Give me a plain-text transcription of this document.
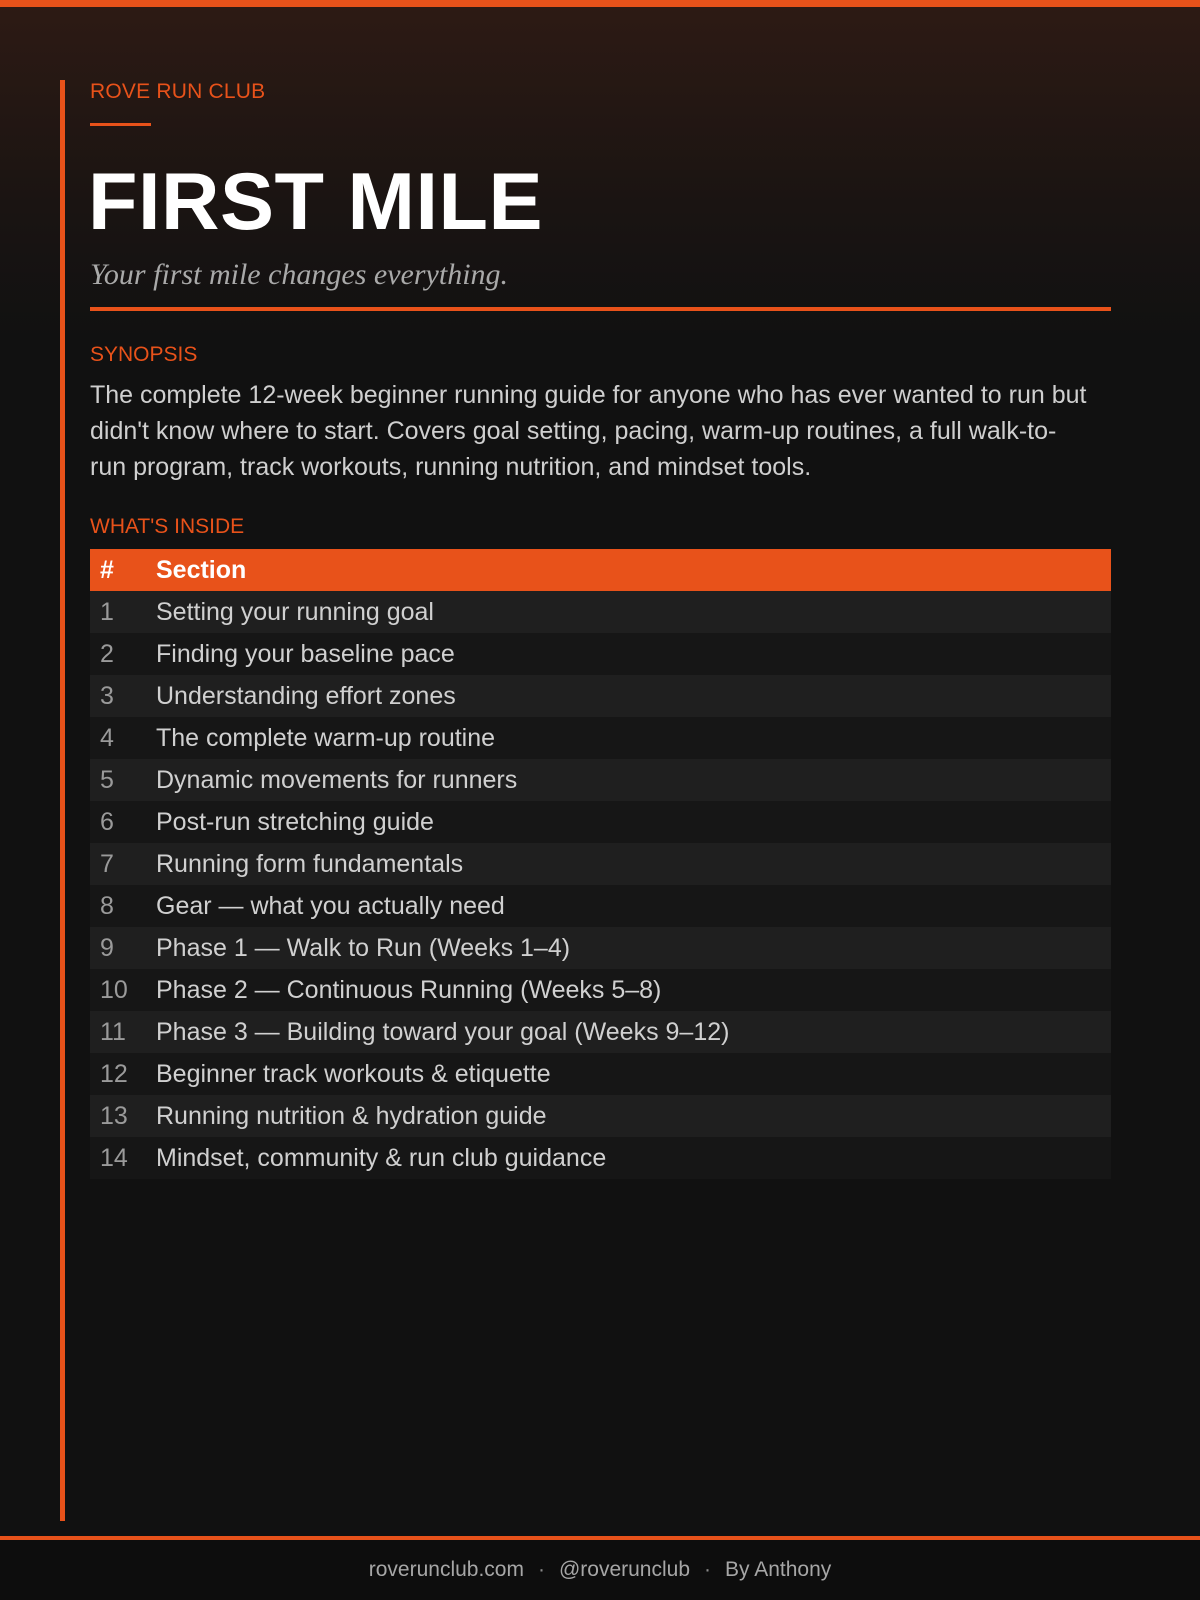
ROVE RUN CLUB

FIRST MILE

Your first mile changes everything.

SYNOPSIS

The complete 12-week beginner running guide for anyone who has ever wanted to run but didn't know where to start. Covers goal setting, pacing, warm-up routines, a full walk-to-run program, track workouts, running nutrition, and mindset tools.

WHAT'S INSIDE

#	Section
1	Setting your running goal
2	Finding your baseline pace
3	Understanding effort zones
4	The complete warm-up routine
5	Dynamic movements for runners
6	Post-run stretching guide
7	Running form fundamentals
8	Gear — what you actually need
9	Phase 1 — Walk to Run (Weeks 1–4)
10	Phase 2 — Continuous Running (Weeks 5–8)
11	Phase 3 — Building toward your goal (Weeks 9–12)
12	Beginner track workouts & etiquette
13	Running nutrition & hydration guide
14	Mindset, community & run club guidance
roverunclub.com · @roverunclub · By Anthony
